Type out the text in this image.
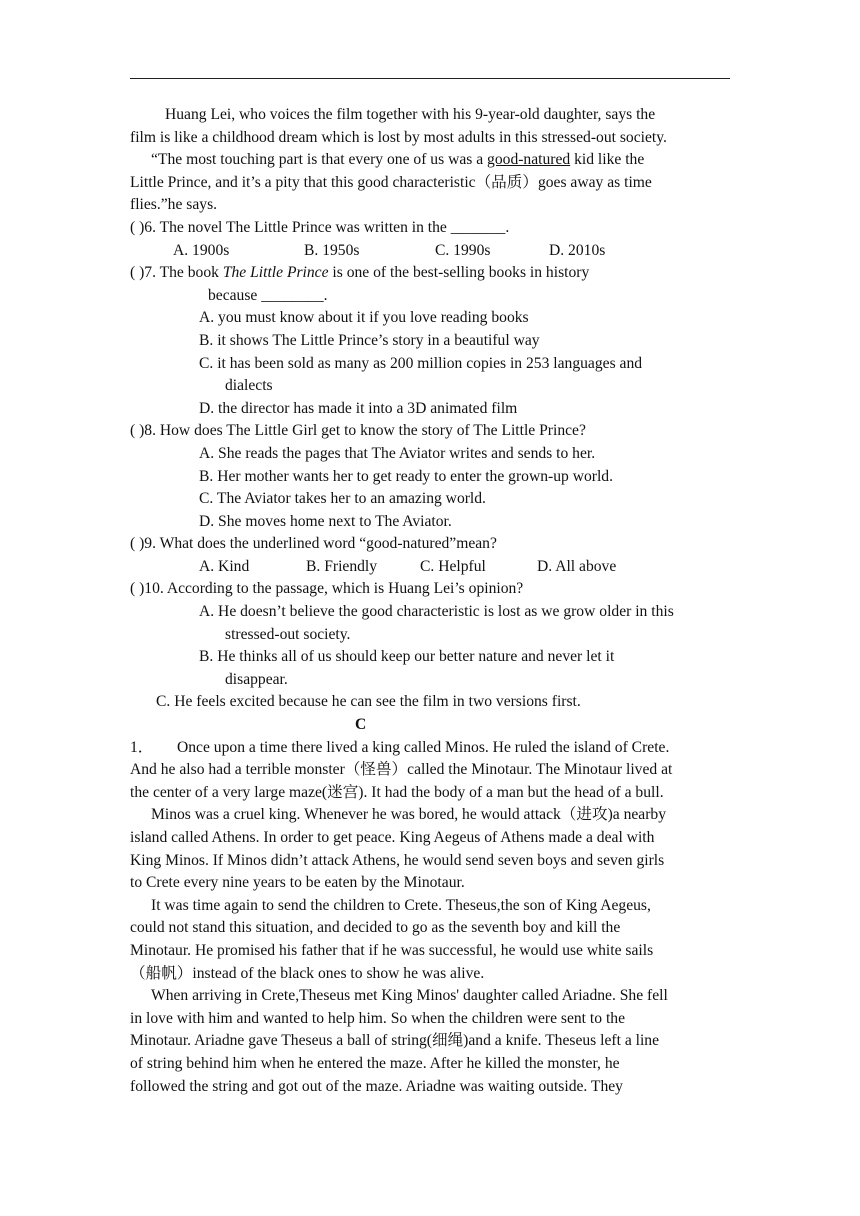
Huang Lei, who voices the film together with his 9-year-old daughter, says the
film is like a childhood dream which is lost by most adults in this stressed-out society.
“The most touching part is that every one of us was a good-natured kid like the
Little Prince, and it’s a pity that this good characteristic（品质）goes away as time
flies.”he says.
( )6. The novel The Little Prince was written in the _______.
A. 1900s	B. 1950s	C. 1990s	D. 2010s
( )7. The book The Little Prince is one of the best-selling books in history
because ________.
A. you must know about it if you love reading books
B. it shows The Little Prince’s story in a beautiful way
C. it has been sold as many as 200 million copies in 253 languages and
dialects
D. the director has made it into a 3D animated film
( )8. How does The Little Girl get to know the story of The Little Prince?
A. She reads the pages that The Aviator writes and sends to her.
B. Her mother wants her to get ready to enter the grown-up world.
C. The Aviator takes her to an amazing world.
D. She moves home next to The Aviator.
( )9. What does the underlined word “good-natured”mean?
A. Kind	B. Friendly	C. Helpful	D. All above
( )10. According to the passage, which is Huang Lei’s opinion?
A. He doesn’t believe the good characteristic is lost as we grow older in this
stressed-out society.
B. He thinks all of us should keep our better nature and never let it
disappear.
C. He feels excited because he can see the film in two versions first.
C
1． Once upon a time there lived a king called Minos. He ruled the island of Crete.
And he also had a terrible monster（怪兽）called the Minotaur. The Minotaur lived at
the center of a very large maze(迷宫). It had the body of a man but the head of a bull.
Minos was a cruel king. Whenever he was bored, he would attack（进攻)a nearby
island called Athens. In order to get peace. King Aegeus of Athens made a deal with
King Minos. If Minos didn’t attack Athens, he would send seven boys and seven girls
to Crete every nine years to be eaten by the Minotaur.
It was time again to send the children to Crete. Theseus,the son of King Aegeus,
could not stand this situation, and decided to go as the seventh boy and kill the
Minotaur. He promised his father that if he was successful, he would use white sails
（船帆）instead of the black ones to show he was alive.
When arriving in Crete,Theseus met King Minos' daughter called Ariadne. She fell
in love with him and wanted to help him. So when the children were sent to the
Minotaur. Ariadne gave Theseus a ball of string(细绳)and a knife. Theseus left a line
of string behind him when he entered the maze. After he killed the monster, he
followed the string and got out of the maze. Ariadne was waiting outside. They
